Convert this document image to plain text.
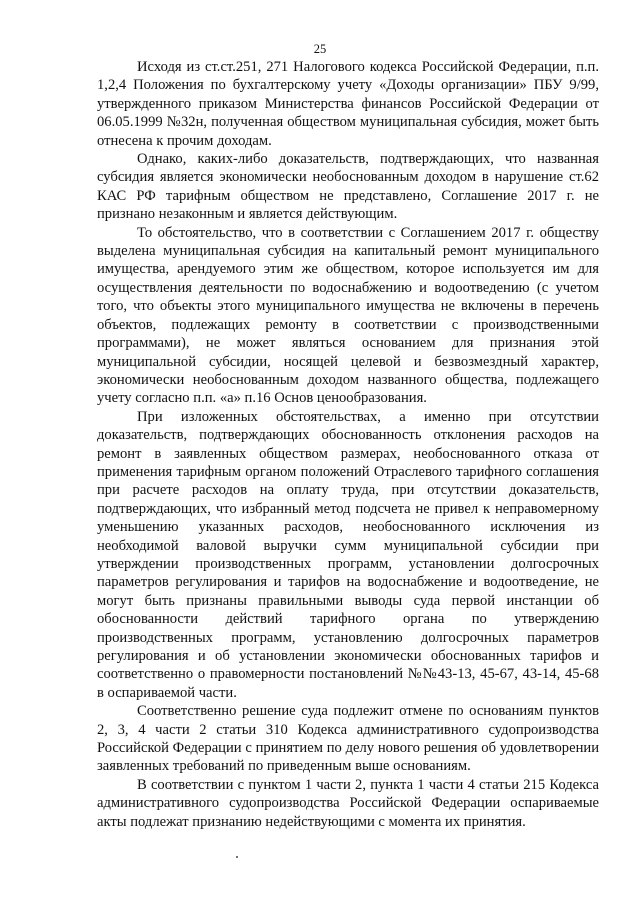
25

Исходя из ст.ст.251, 271 Налогового кодекса Российской Федерации, п.п. 1,2,4 Положения по бухгалтерскому учету «Доходы организации» ПБУ 9/99, утвержденного приказом Министерства финансов Российской Федерации от 06.05.1999 №32н, полученная обществом муниципальная субсидия, может быть отнесена к прочим доходам.

Однако, каких-либо доказательств, подтверждающих, что названная субсидия является экономически необоснованным доходом в нарушение ст.62 КАС РФ тарифным обществом не представлено, Соглашение 2017 г. не признано незаконным и является действующим.

То обстоятельство, что в соответствии с Соглашением 2017 г. обществу выделена муниципальная субсидия на капитальный ремонт муниципального имущества, арендуемого этим же обществом, которое используется им для осуществления деятельности по водоснабжению и водоотведению (с учетом того, что объекты этого муниципального имущества не включены в перечень объектов, подлежащих ремонту в соответствии с производственными программами), не может являться основанием для признания этой муниципальной субсидии, носящей целевой и безвозмездный характер, экономически необоснованным доходом названного общества, подлежащего учету согласно п.п. «а» п.16 Основ ценообразования.

При изложенных обстоятельствах, а именно при отсутствии доказательств, подтверждающих обоснованность отклонения расходов на ремонт в заявленных обществом размерах, необоснованного отказа от применения тарифным органом положений Отраслевого тарифного соглашения при расчете расходов на оплату труда, при отсутствии доказательств, подтверждающих, что избранный метод подсчета не привел к неправомерному уменьшению указанных расходов, необоснованного исключения из необходимой валовой выручки сумм муниципальной субсидии при утверждении производственных программ, установлении долгосрочных параметров регулирования и тарифов на водоснабжение и водоотведение, не могут быть признаны правильными выводы суда первой инстанции об обоснованности действий тарифного органа по утверждению производственных программ, установлению долгосрочных параметров регулирования и об установлении экономически обоснованных тарифов и соответственно о правомерности постановлений №№43-13, 45-67, 43-14, 45-68 в оспариваемой части.

Соответственно решение суда подлежит отмене по основаниям пунктов 2, 3, 4 части 2 статьи 310 Кодекса административного судопроизводства Российской Федерации с принятием по делу нового решения об удовлетворении заявленных требований по приведенным выше основаниям.

В соответствии с пунктом 1 части 2, пункта 1 части 4 статьи 215 Кодекса административного судопроизводства Российской Федерации оспариваемые акты подлежат признанию недействующими с момента их принятия.
